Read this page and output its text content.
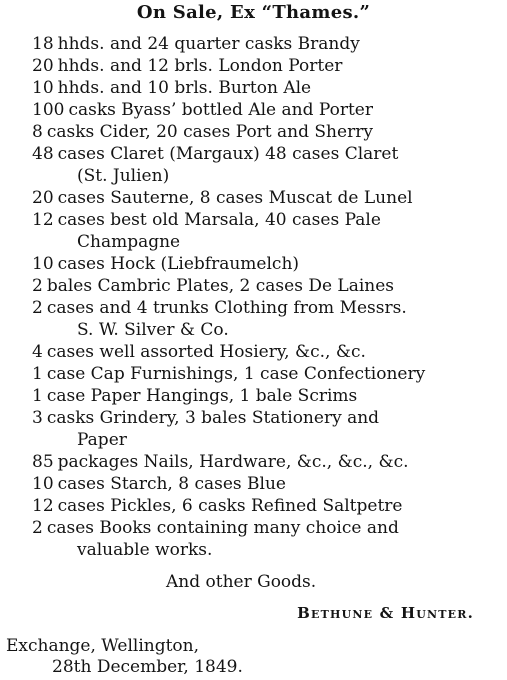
On Sale, Ex “Thames.”
18 hhds. and 24 quarter casks Brandy
20 hhds. and 12 brls. London Porter
10 hhds. and 10 brls. Burton Ale
100 casks Byass’ bottled Ale and Porter
8 casks Cider, 20 cases Port and Sherry
48 cases Claret (Margaux) 48 cases Claret
(St. Julien)
20 cases Sauterne, 8 cases Muscat de Lunel
12 cases best old Marsala, 40 cases Pale
Champagne
10 cases Hock (Liebfraumelch)
2 bales Cambric Plates, 2 cases De Laines
2 cases and 4 trunks Clothing from Messrs.
S. W. Silver & Co.
4 cases well assorted Hosiery, &c., &c.
1 case Cap Furnishings, 1 case Confectionery
1 case Paper Hangings, 1 bale Scrims
3 casks Grindery, 3 bales Stationery and
Paper
85 packages Nails, Hardware, &c., &c., &c.
10 cases Starch, 8 cases Blue
12 cases Pickles, 6 casks Refined Saltpetre
2 cases Books containing many choice and
valuable works.
And other Goods.
Bethune & Hunter.
Exchange, Wellington,
28th December, 1849.
